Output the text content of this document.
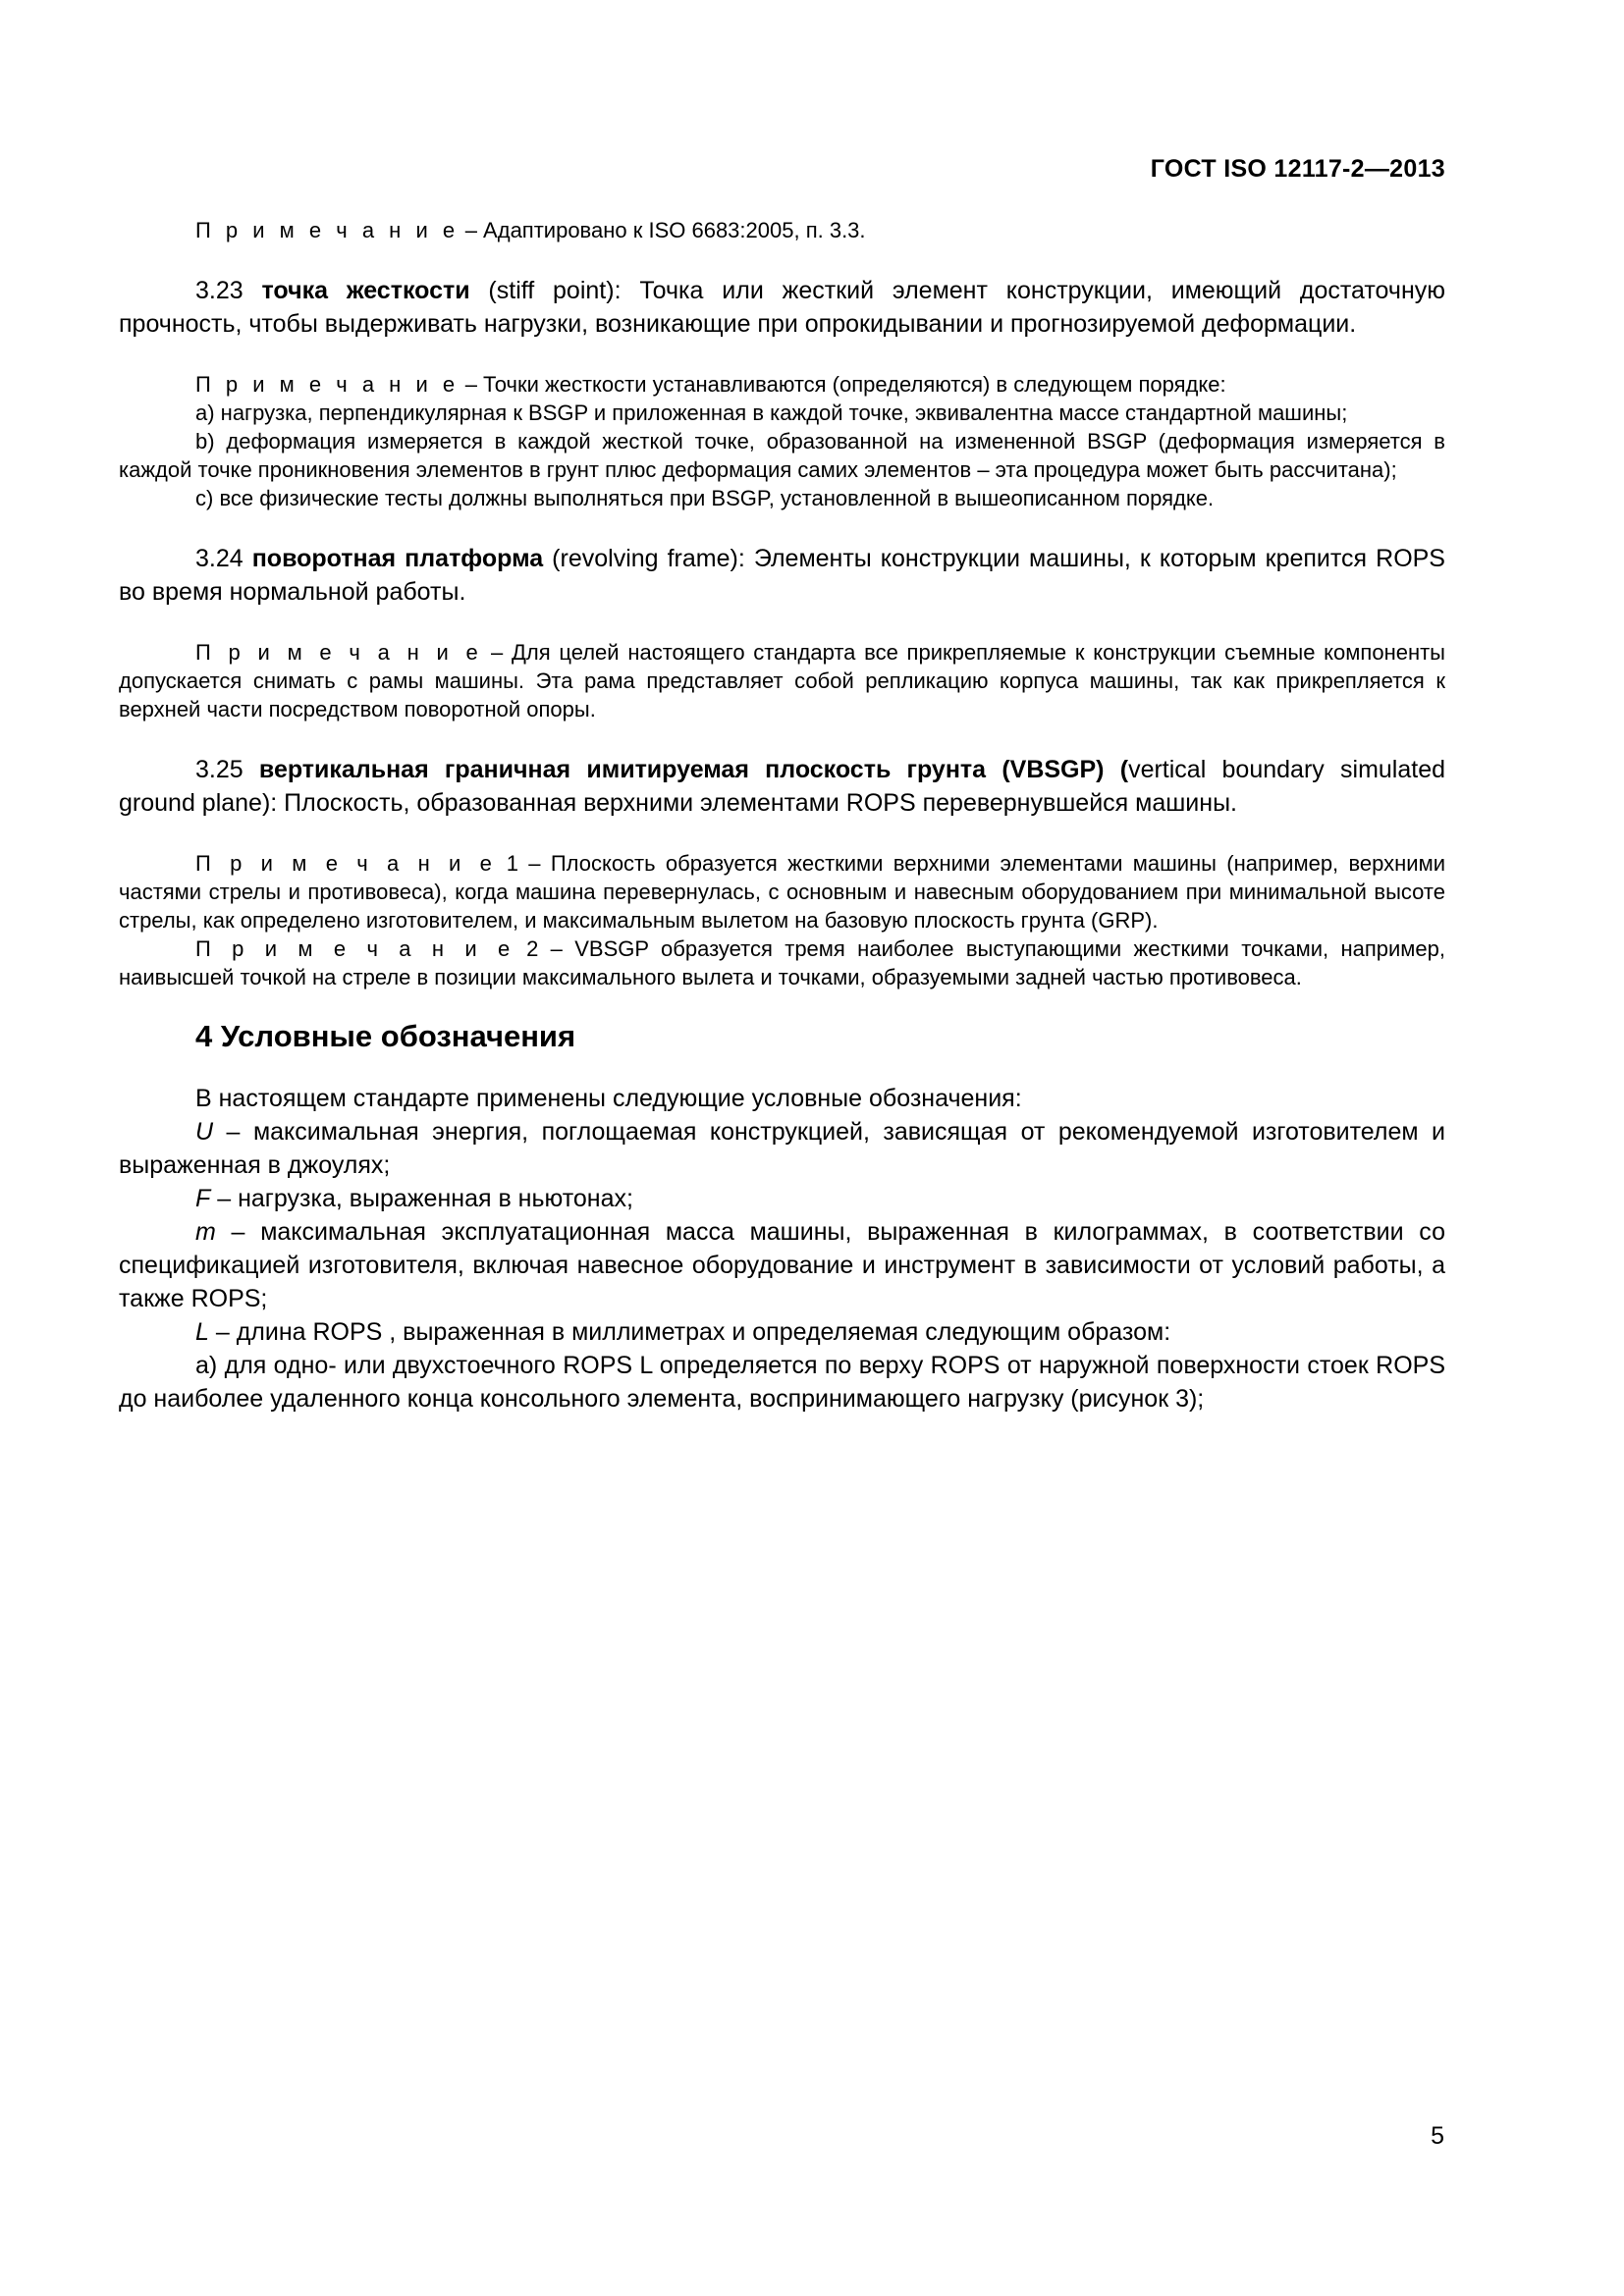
ГОСТ ISO 12117-2—2013

П р и м е ч а н и е – Адаптировано к ISO 6683:2005, п. 3.3.

3.23 точка жесткости (stiff point): Точка или жесткий элемент конструкции, имеющий достаточную прочность, чтобы выдерживать нагрузки, возникающие при опрокидывании и прогнозируемой деформации.

П р и м е ч а н и е – Точки жесткости устанавливаются (определяются) в следующем порядке:

а) нагрузка, перпендикулярная к BSGP и приложенная в каждой точке, эквивалентна массе стандартной машины;

b) деформация измеряется в каждой жесткой точке, образованной на измененной BSGP (деформация измеряется в каждой точке проникновения элементов в грунт плюс деформация самих элементов – эта процедура может быть рассчитана);

c) все физические тесты должны выполняться при BSGP, установленной в вышеописанном порядке.

3.24 поворотная платформа (revolving frame): Элементы конструкции машины, к которым крепится ROPS во время нормальной работы.

П р и м е ч а н и е – Для целей настоящего стандарта все прикрепляемые к конструкции съемные компоненты допускается снимать с рамы машины. Эта рама представляет собой репликацию корпуса машины, так как прикрепляется к верхней части посредством поворотной опоры.

3.25 вертикальная граничная имитируемая плоскость грунта (VBSGP) (vertical boundary simulated ground plane): Плоскость, образованная верхними элементами ROPS перевернувшейся машины.

П р и м е ч а н и е 1 – Плоскость образуется жесткими верхними элементами машины (например, верхними частями стрелы и противовеса), когда машина перевернулась, с основным и навесным оборудованием при минимальной высоте стрелы, как определено изготовителем, и максимальным вылетом на базовую плоскость грунта (GRP).

П р и м е ч а н и е 2 – VBSGP образуется тремя наиболее выступающими жесткими точками, например, наивысшей точкой на стреле в позиции максимального вылета и точками, образуемыми задней частью противовеса.

4 Условные обозначения

В настоящем стандарте применены следующие условные обозначения:

U – максимальная энергия, поглощаемая конструкцией, зависящая от рекомендуемой изготовителем и выраженная в джоулях;

F – нагрузка, выраженная в ньютонах;

m – максимальная эксплуатационная масса машины, выраженная в килограммах, в соответствии со спецификацией изготовителя, включая навесное оборудование и инструмент в зависимости от условий работы, а также ROPS;

L – длина ROPS , выраженная в миллиметрах и определяемая следующим образом:

а) для одно- или двухстоечного ROPS L определяется по верху ROPS от наружной поверхности стоек ROPS до наиболее удаленного конца консольного элемента, воспринимающего нагрузку (рисунок 3);

5
